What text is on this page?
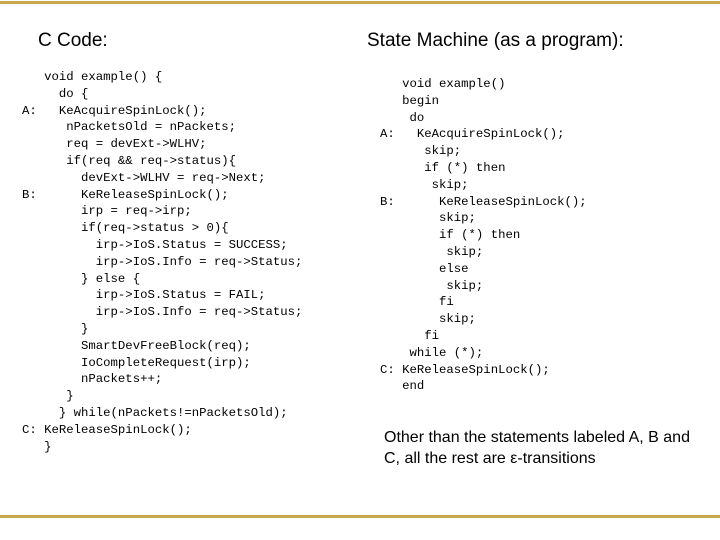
C Code:
void example() {
do {
A:   KeAcquireSpinLock();
nPacketsOld = nPackets;
req = devExt->WLHV;
if(req && req->status){
devExt->WLHV = req->Next;
B:      KeReleaseSpinLock();
irp = req->irp;
if(req->status > 0){
irp->IoS.Status = SUCCESS;
irp->IoS.Info = req->Status;
} else {
irp->IoS.Status = FAIL;
irp->IoS.Info = req->Status;
}
SmartDevFreeBlock(req);
IoCompleteRequest(irp);
nPackets++;
}
} while(nPackets!=nPacketsOld);
C: KeReleaseSpinLock();
}
State Machine (as a program):
void example()
begin
do
A:   KeAcquireSpinLock();
skip;
if (*) then
skip;
B:      KeReleaseSpinLock();
skip;
if (*) then
skip;
else
skip;
fi
skip;
fi
while (*);
C: KeReleaseSpinLock();
end

Other than the statements labeled A, B and C, all the rest are ε-transitions
